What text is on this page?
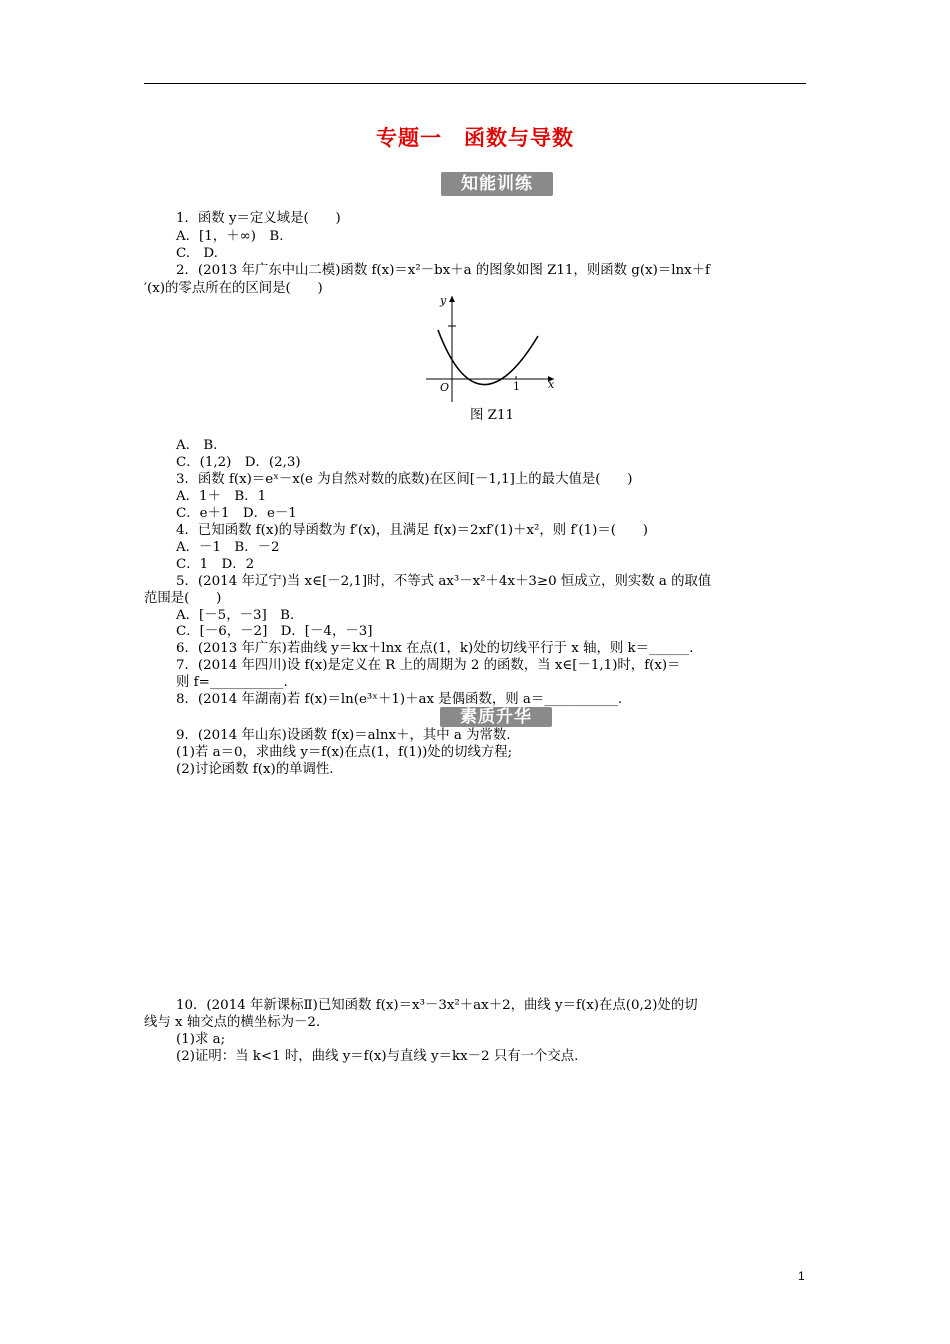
专题一　函数与导数
知能训练
1．函数 y＝定义域是(　　)
A．[1，＋∞)　B.
C.　D.
2．(2013 年广东中山二模)函数 f(x)＝x²－bx＋a 的图象如图 Z11，则函数 g(x)＝lnx＋f
′(x)的零点所在的区间是(　　)
y
x
O	1
图 Z11
A.　B.
C．(1,2)　D．(2,3)
3．函数 f(x)＝eˣ－x(e 为自然对数的底数)在区间[－1,1]上的最大值是(　　)
A．1＋　B．1
C．e＋1　D．e－1
4．已知函数 f(x)的导函数为 f′(x)，且满足 f(x)＝2xf′(1)＋x²，则 f′(1)＝(　　)
A．－1　B．－2
C．1　D．2
5．(2014 年辽宁)当 x∈[－2,1]时，不等式 ax³－x²＋4x＋3≥0 恒成立，则实数 a 的取值
范围是(　　)
A．[－5，－3]　B.
C．[－6，－2]　D．[－4，－3]
6．(2013 年广东)若曲线 y＝kx＋lnx 在点(1，k)处的切线平行于 x 轴，则 k＝______.
7．(2014 年四川)设 f(x)是定义在 R 上的周期为 2 的函数，当 x∈[－1,1)时，f(x)＝
则 f=___________.
8．(2014 年湖南)若 f(x)＝ln(e³ˣ＋1)＋ax 是偶函数，则 a＝___________.
素质升华
9．(2014 年山东)设函数 f(x)＝alnx＋，其中 a 为常数.
(1)若 a＝0，求曲线 y＝f(x)在点(1，f(1))处的切线方程;
(2)讨论函数 f(x)的单调性.
10．(2014 年新课标Ⅱ)已知函数 f(x)＝x³－3x²＋ax＋2，曲线 y＝f(x)在点(0,2)处的切
线与 x 轴交点的横坐标为－2.
(1)求 a;
(2)证明：当 k<1 时，曲线 y＝f(x)与直线 y＝kx－2 只有一个交点.
1
